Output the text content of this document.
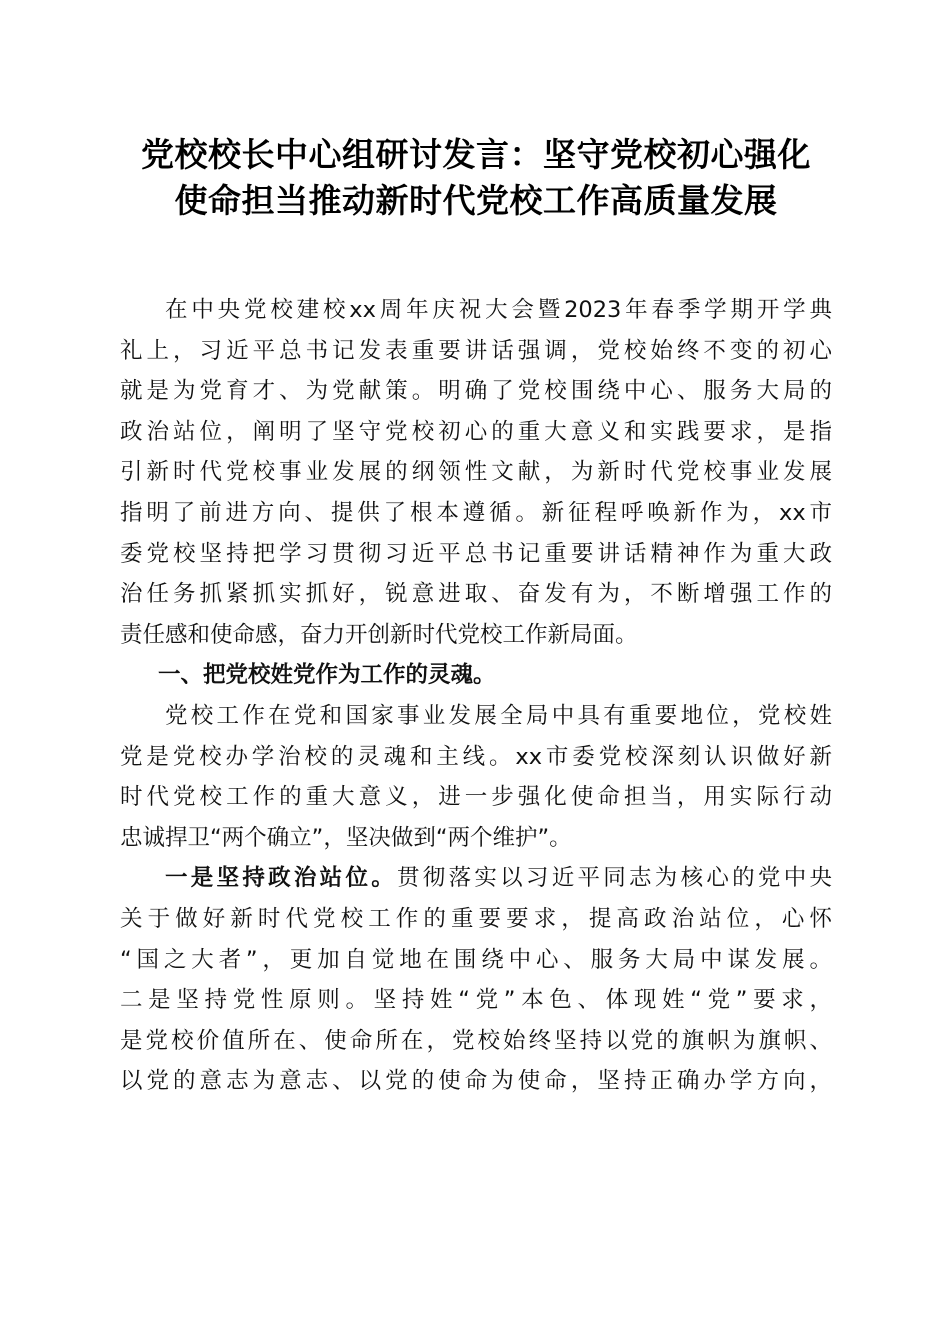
党校校长中心组研讨发言：坚守党校初心强化
使命担当推动新时代党校工作高质量发展
在中央党校建校xx周年庆祝大会暨2023年春季学期开学典
礼上，习近平总书记发表重要讲话强调，党校始终不变的初心
就是为党育才、为党献策。明确了党校围绕中心、服务大局的
政治站位，阐明了坚守党校初心的重大意义和实践要求，是指
引新时代党校事业发展的纲领性文献，为新时代党校事业发展
指明了前进方向、提供了根本遵循。新征程呼唤新作为，xx市
委党校坚持把学习贯彻习近平总书记重要讲话精神作为重大政
治任务抓紧抓实抓好，锐意进取、奋发有为，不断增强工作的
责任感和使命感，奋力开创新时代党校工作新局面。
一、把党校姓党作为工作的灵魂。
党校工作在党和国家事业发展全局中具有重要地位，党校姓
党是党校办学治校的灵魂和主线。xx市委党校深刻认识做好新
时代党校工作的重大意义，进一步强化使命担当，用实际行动
忠诚捍卫“两个确立”，坚决做到“两个维护”。
一是坚持政治站位。贯彻落实以习近平同志为核心的党中央
关于做好新时代党校工作的重要要求，提高政治站位，心怀
“国之大者”，更加自觉地在围绕中心、服务大局中谋发展。
二是坚持党性原则。坚持姓“党”本色、体现姓“党”要求，
是党校价值所在、使命所在，党校始终坚持以党的旗帜为旗帜、
以党的意志为意志、以党的使命为使命，坚持正确办学方向，
